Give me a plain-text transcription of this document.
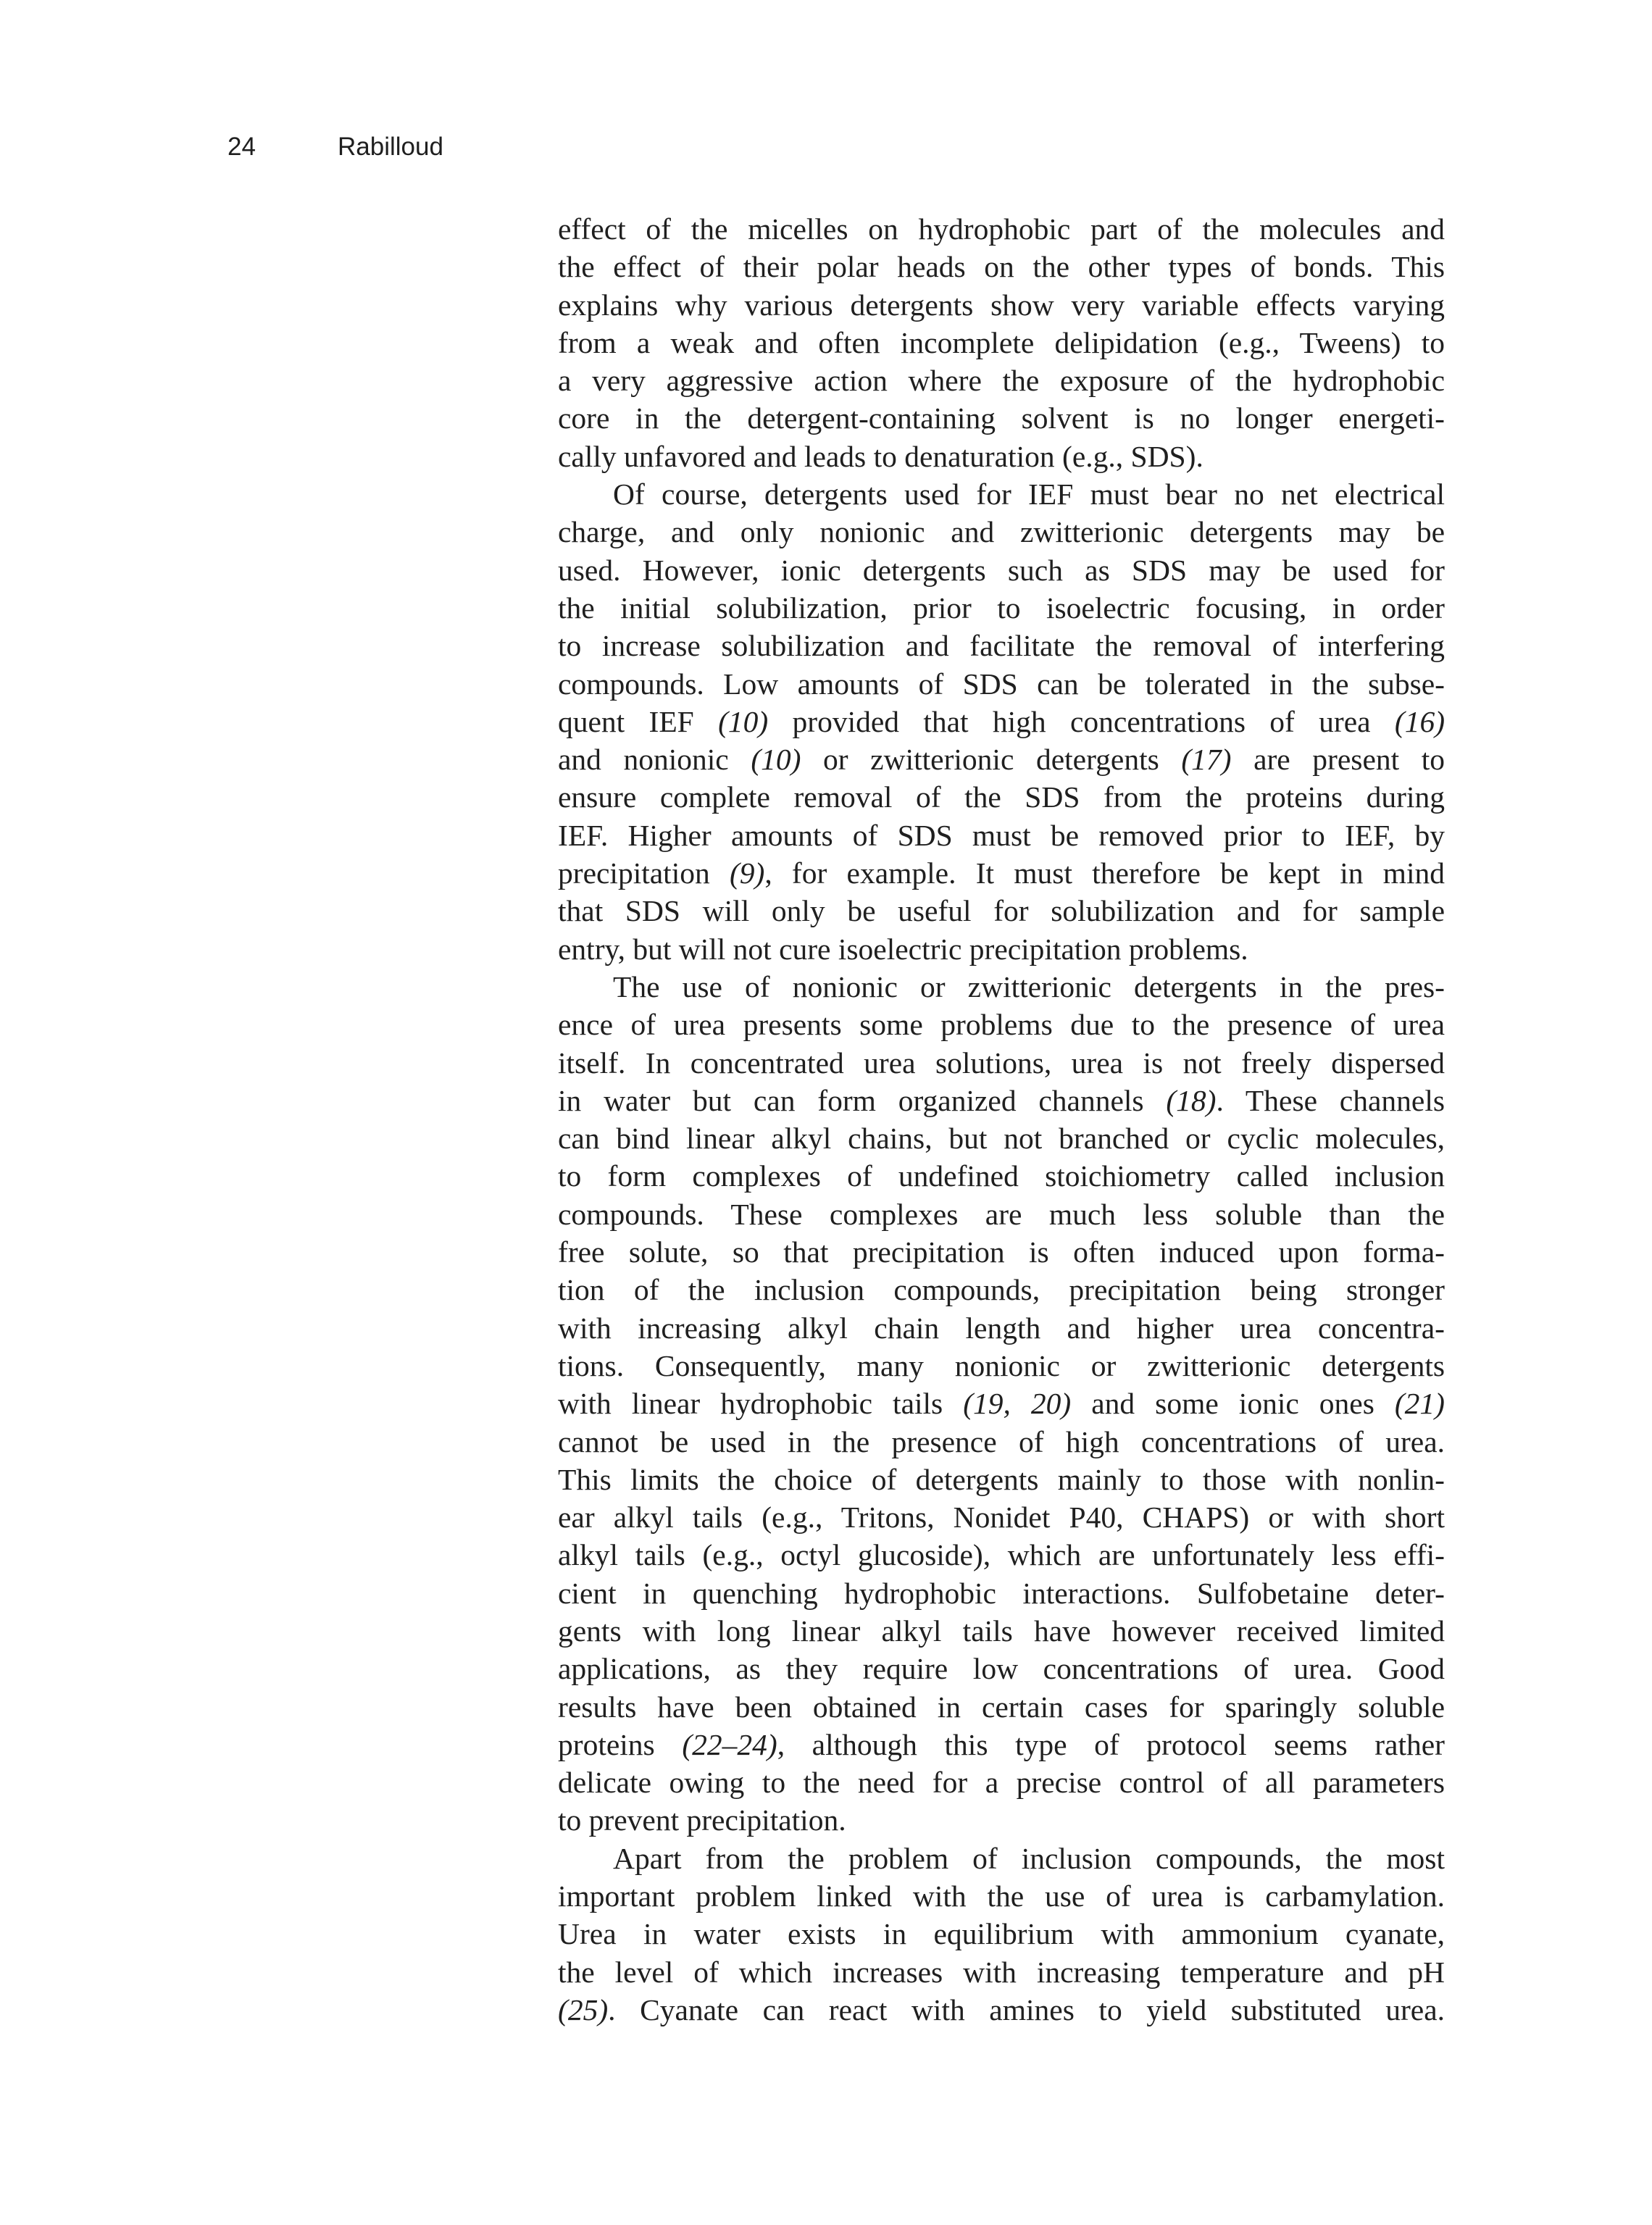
24	Rabilloud
effect of the micelles on hydrophobic part of the molecules and
the effect of their polar heads on the other types of bonds. This
explains why various detergents show very variable effects varying
from a weak and often incomplete delipidation (e.g., Tweens) to
a very aggressive action where the exposure of the hydrophobic
core in the detergent-containing solvent is no longer energeti-
cally unfavored and leads to denaturation (e.g., SDS).
Of course, detergents used for IEF must bear no net electrical
charge, and only nonionic and zwitterionic detergents may be
used. However, ionic detergents such as SDS may be used for
the initial solubilization, prior to isoelectric focusing, in order
to increase solubilization and facilitate the removal of interfering
compounds. Low amounts of SDS can be tolerated in the subse-
quent IEF (10) provided that high concentrations of urea (16)
and nonionic (10) or zwitterionic detergents (17) are present to
ensure complete removal of the SDS from the proteins during
IEF. Higher amounts of SDS must be removed prior to IEF, by
precipitation (9), for example. It must therefore be kept in mind
that SDS will only be useful for solubilization and for sample
entry, but will not cure isoelectric precipitation problems.
The use of nonionic or zwitterionic detergents in the pres-
ence of urea presents some problems due to the presence of urea
itself. In concentrated urea solutions, urea is not freely dispersed
in water but can form organized channels (18). These channels
can bind linear alkyl chains, but not branched or cyclic molecules,
to form complexes of undefined stoichiometry called inclusion
compounds. These complexes are much less soluble than the
free solute, so that precipitation is often induced upon forma-
tion of the inclusion compounds, precipitation being stronger
with increasing alkyl chain length and higher urea concentra-
tions. Consequently, many nonionic or zwitterionic detergents
with linear hydrophobic tails (19, 20) and some ionic ones (21)
cannot be used in the presence of high concentrations of urea.
This limits the choice of detergents mainly to those with nonlin-
ear alkyl tails (e.g., Tritons, Nonidet P40, CHAPS) or with short
alkyl tails (e.g., octyl glucoside), which are unfortunately less effi-
cient in quenching hydrophobic interactions. Sulfobetaine deter-
gents with long linear alkyl tails have however received limited
applications, as they require low concentrations of urea. Good
results have been obtained in certain cases for sparingly soluble
proteins (22–24), although this type of protocol seems rather
delicate owing to the need for a precise control of all parameters
to prevent precipitation.
Apart from the problem of inclusion compounds, the most
important problem linked with the use of urea is carbamylation.
Urea in water exists in equilibrium with ammonium cyanate,
the level of which increases with increasing temperature and pH
(25). Cyanate can react with amines to yield substituted urea.
